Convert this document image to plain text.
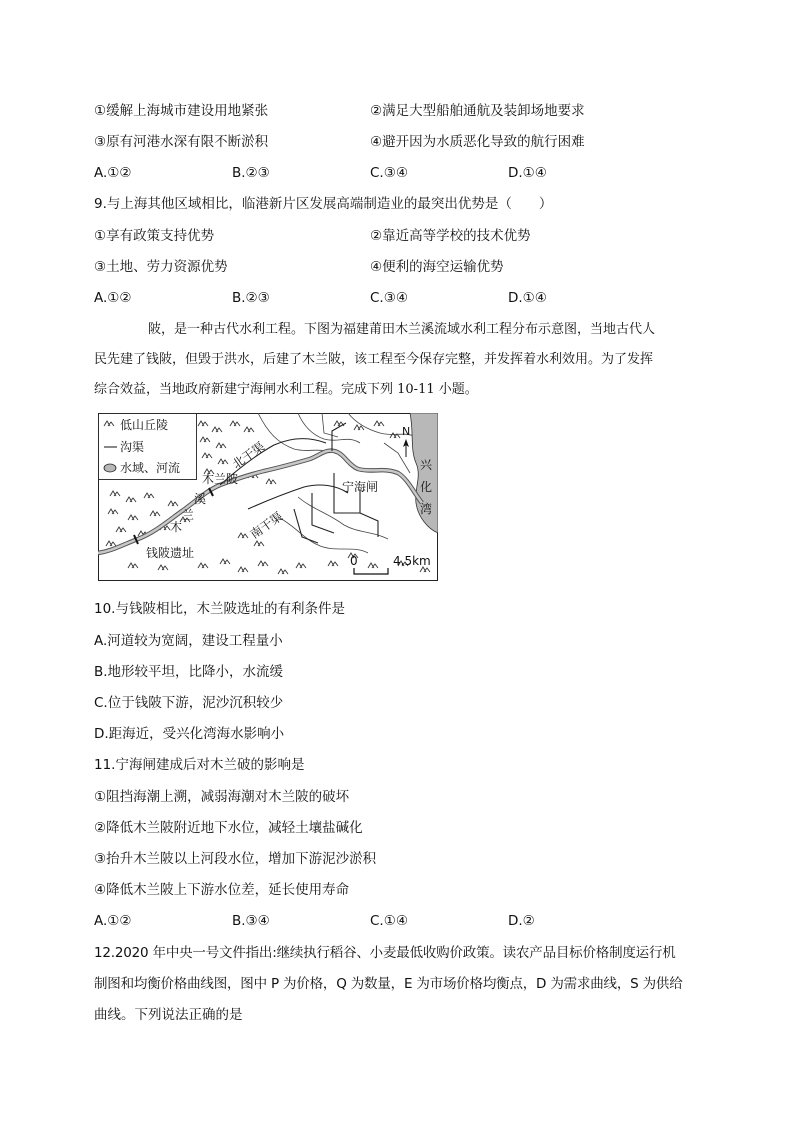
①缓解上海城市建设用地紧张	②满足大型船舶通航及装卸场地要求
③原有河港水深有限不断淤积	④避开因为水质恶化导致的航行困难
A.①②	B.②③	C.③④	D.①④
9.与上海其他区域相比，临港新片区发展高端制造业的最突出优势是（　　）
①享有政策支持优势	②靠近高等学校的技术优势
③土地、劳力资源优势	④便利的海空运输优势
A.①②	B.②③	C.③④	D.①④
陂，是一种古代水利工程。下图为福建莆田木兰溪流域水利工程分布示意图，当地古代人
民先建了钱陂，但毁于洪水，后建了木兰陂，该工程至今保存完整，并发挥着水利效用。为了发挥
综合效益，当地政府新建宁海闸水利工程。完成下列 10-11 小题。
低山丘陵
沟渠
水域、河流	北干渠
南干渠
木兰陂
溪
兰
木
钱陂遗址
宁海闸
兴
化
湾
N
0	4.5km
10.与钱陂相比，木兰陂选址的有利条件是
A.河道较为宽阔，建设工程量小
B.地形较平坦，比降小，水流缓
C.位于钱陂下游，泥沙沉积较少
D.距海近，受兴化湾海水影响小
11.宁海闸建成后对木兰破的影响是
①阻挡海潮上溯，减弱海潮对木兰陂的破坏
②降低木兰陂附近地下水位，减轻土壤盐碱化
③抬升木兰陂以上河段水位，增加下游泥沙淤积
④降低木兰陂上下游水位差，延长使用寿命
A.①②	B.③④	C.①④	D.②
12.2020 年中央一号文件指出:继续执行稻谷、小麦最低收购价政策。读农产品目标价格制度运行机
制图和均衡价格曲线图，图中 P 为价格，Q 为数量，E 为市场价格均衡点，D 为需求曲线，S 为供给
曲线。下列说法正确的是
